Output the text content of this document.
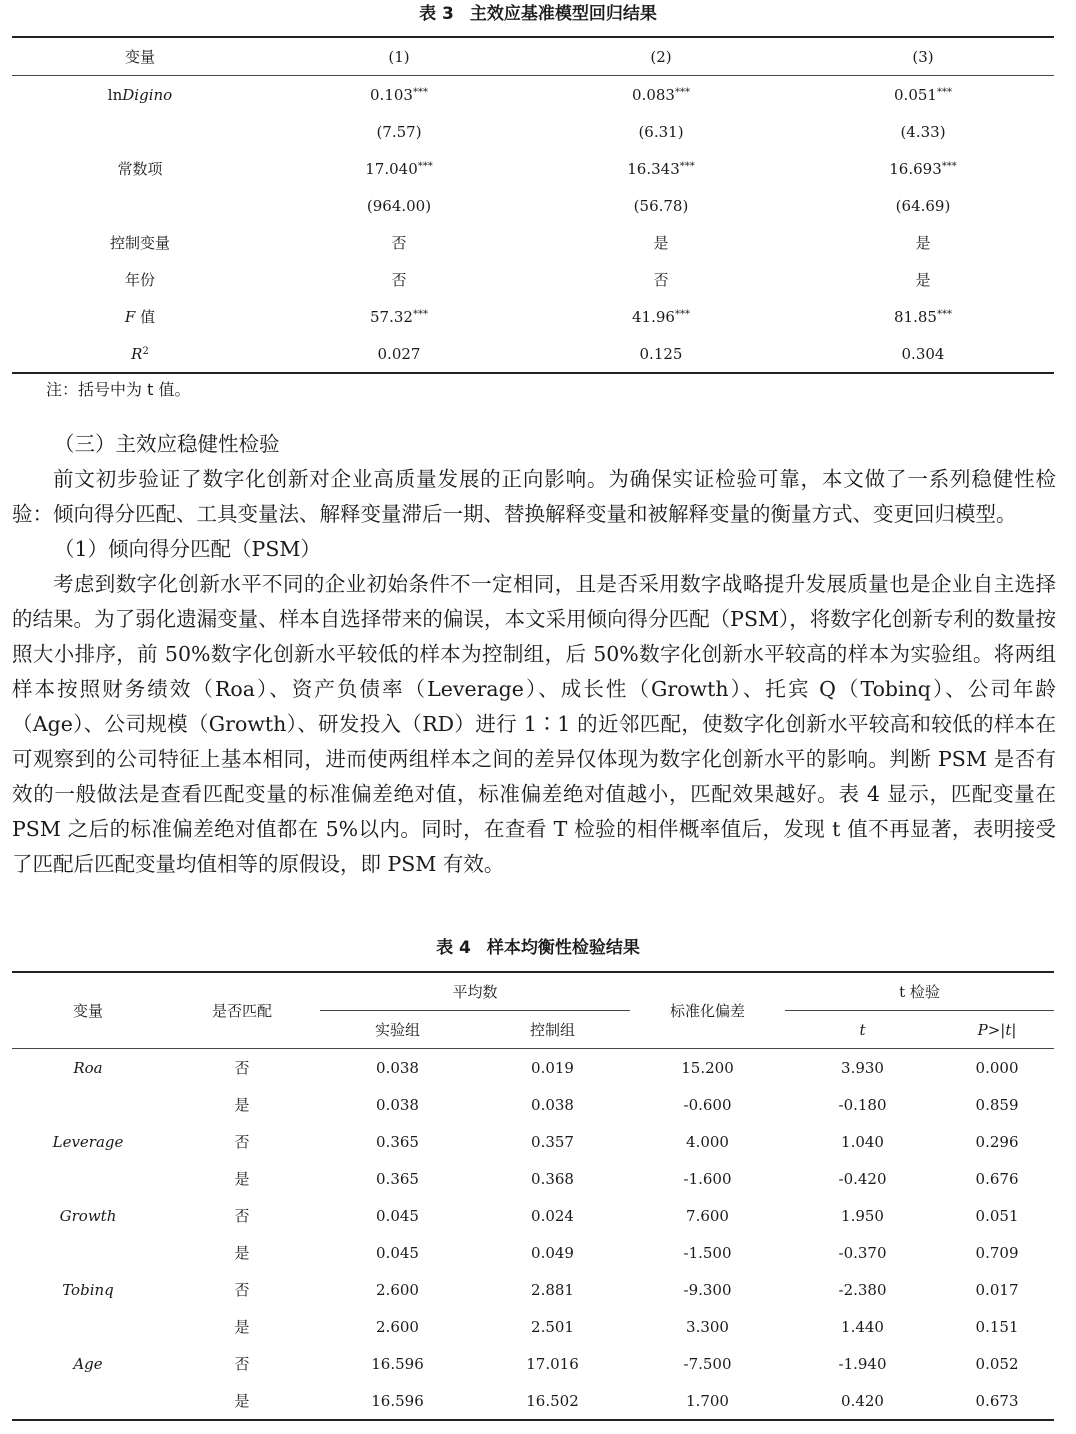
表 3 主效应基准模型回归结果
变量	(1)	(2)	(3)
lnDigino	0.103***	0.083***	0.051***
	(7.57)	(6.31)	(4.33)
常数项	17.040***	16.343***	16.693***
	(964.00)	(56.78)	(64.69)
控制变量	否	是	是
年份	否	否	是
F 值	57.32***	41.96***	81.85***
$R^2$	0.027	0.125	0.304
注：括号中为 t 值。

（三）主效应稳健性检验

前文初步验证了数字化创新对企业高质量发展的正向影响。为确保实证检验可靠，本文做了一系列稳健性检验：倾向得分匹配、工具变量法、解释变量滞后一期、替换解释变量和被解释变量的衡量方式、变更回归模型。

（1）倾向得分匹配（PSM）

考虑到数字化创新水平不同的企业初始条件不一定相同，且是否采用数字战略提升发展质量也是企业自主选择的结果。为了弱化遗漏变量、样本自选择带来的偏误，本文采用倾向得分匹配（PSM），将数字化创新专利的数量按照大小排序，前 50%数字化创新水平较低的样本为控制组，后 50%数字化创新水平较高的样本为实验组。将两组样本按照财务绩效（Roa）、资产负债率（Leverage）、成长性（Growth）、托宾 Q（Tobinq）、公司年龄（Age）、公司规模（Growth）、研发投入（RD）进行 1∶1 的近邻匹配，使数字化创新水平较高和较低的样本在可观察到的公司特征上基本相同，进而使两组样本之间的差异仅体现为数字化创新水平的影响。判断 PSM 是否有效的一般做法是查看匹配变量的标准偏差绝对值，标准偏差绝对值越小，匹配效果越好。表 4 显示，匹配变量在 PSM 之后的标准偏差绝对值都在 5%以内。同时，在查看 T 检验的相伴概率值后，发现 t 值不再显著，表明接受了匹配后匹配变量均值相等的原假设，即 PSM 有效。

表 4 样本均衡性检验结果
变量	是否匹配	平均数		标准化偏差	t 检验	
		实验组	控制组		t	P>|t|
Roa	否	0.038	0.019	15.200	3.930	0.000
	是	0.038	0.038	-0.600	-0.180	0.859
Leverage	否	0.365	0.357	4.000	1.040	0.296
	是	0.365	0.368	-1.600	-0.420	0.676
Growth	否	0.045	0.024	7.600	1.950	0.051
	是	0.045	0.049	-1.500	-0.370	0.709
Tobinq	否	2.600	2.881	-9.300	-2.380	0.017
	是	2.600	2.501	3.300	1.440	0.151
Age	否	16.596	17.016	-7.500	-1.940	0.052
	是	16.596	16.502	1.700	0.420	0.673
